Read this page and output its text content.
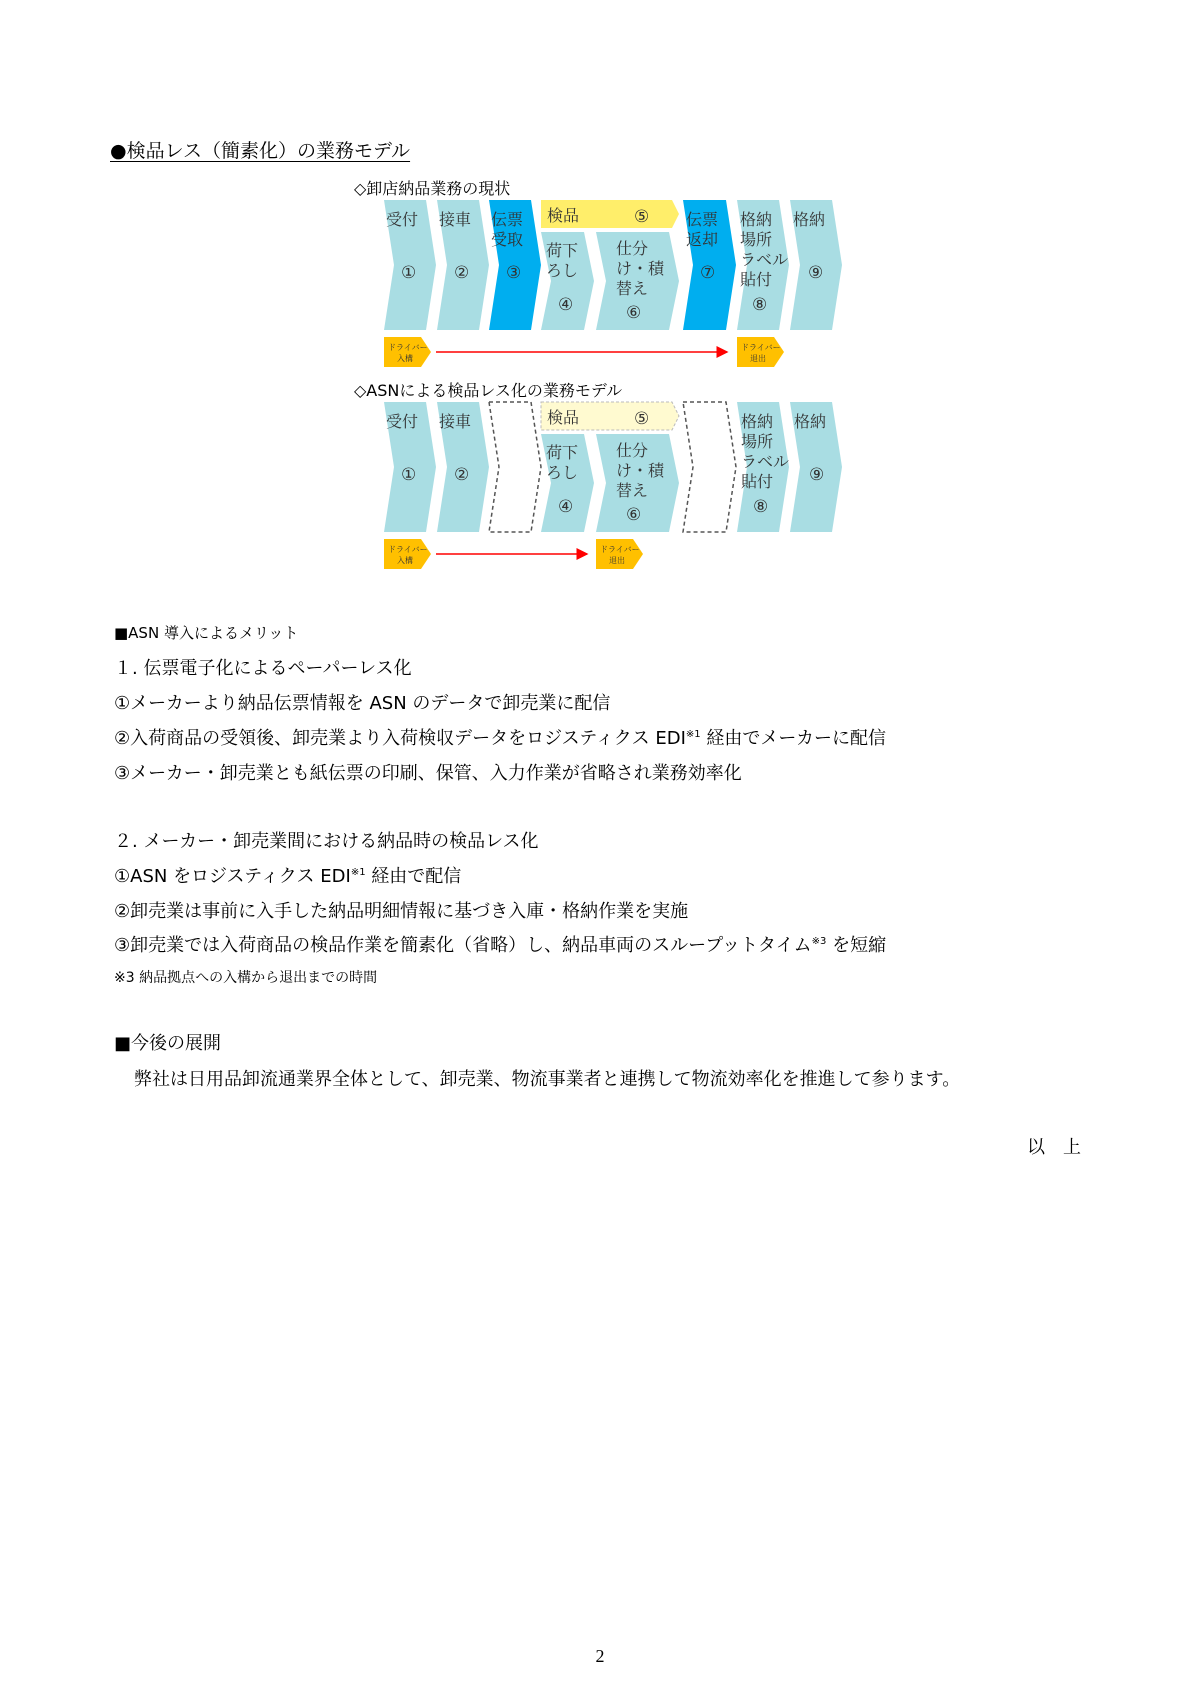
●検品レス（簡素化）の業務モデル
◇卸店納品業務の現状
受付
①
接車
②
伝票
受取
③
検品	⑤
荷下
ろし
④
仕分
け・積
替え
⑥
伝票
返却
⑦
格納
場所
ラベル
貼付
⑧
格納
⑨
ドライバー
入構
ドライバー
退出
受付
①
接車
②
検品	⑤
荷下
ろし
④
仕分
け・積
替え
⑥
格納
場所
ラベル
貼付
⑧
格納
⑨
ドライバー
入構
ドライバー
退出
◇ASNによる検品レス化の業務モデル
■ASN 導入によるメリット
１. 伝票電子化によるペーパーレス化
①メーカーより納品伝票情報を ASN のデータで卸売業に配信
②入荷商品の受領後、卸売業より入荷検収データをロジスティクス EDI$^{※1}$ 経由でメーカーに配信
③メーカー・卸売業とも紙伝票の印刷、保管、入力作業が省略され業務効率化
２. メーカー・卸売業間における納品時の検品レス化
①ASN をロジスティクス EDI$^{※1}$ 経由で配信
②卸売業は事前に入手した納品明細情報に基づき入庫・格納作業を実施
③卸売業では入荷商品の検品作業を簡素化（省略）し、納品車両のスループットタイム$^{※3}$ を短縮
※3 納品拠点への入構から退出までの時間
■今後の展開
弊社は日用品卸流通業界全体として、卸売業、物流事業者と連携して物流効率化を推進して参ります。
以　上
2
